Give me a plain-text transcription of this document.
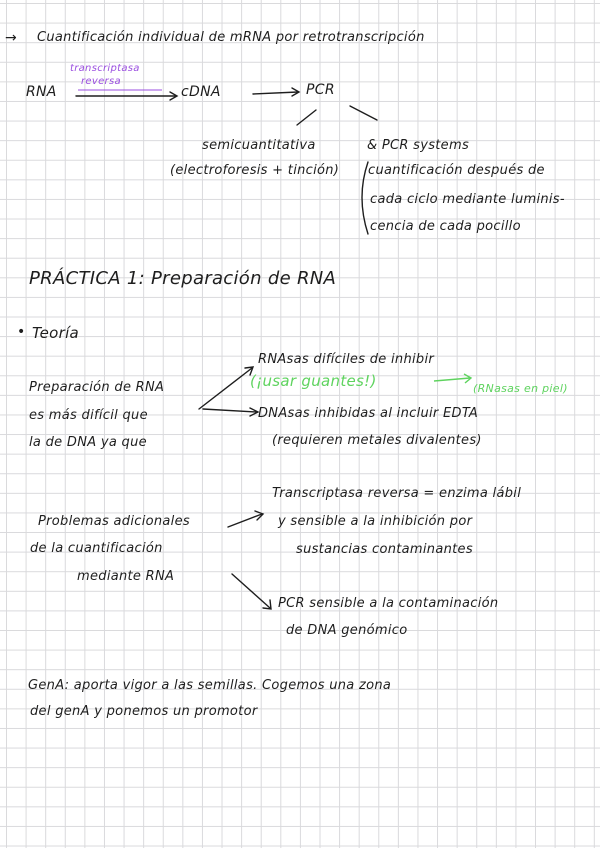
→ Cuantificación individual de mRNA por retrotranscripción
RNA
transcriptasa
reversa
cDNA	PCR
semicuantitativa
(electroforesis + tinción)
& PCR systems
cuantificación después de
cada ciclo mediante luminis-
cencia de cada pocillo
PRÁCTICA 1: Preparación de RNA
• Teoría
Preparación de RNA
es más difícil que
la de DNA ya que
RNAsas difíciles de inhibir
(¡usar guantes!)	(RNasas en piel)
DNAsas inhibidas al incluir EDTA
(requieren metales divalentes)
Problemas adicionales
de la cuantificación
mediante RNA
Transcriptasa reversa = enzima lábil
y sensible a la inhibición por
sustancias contaminantes
PCR sensible a la contaminación
de DNA genómico
GenA: aporta vigor a las semillas. Cogemos una zona
del genA y ponemos un promotor
